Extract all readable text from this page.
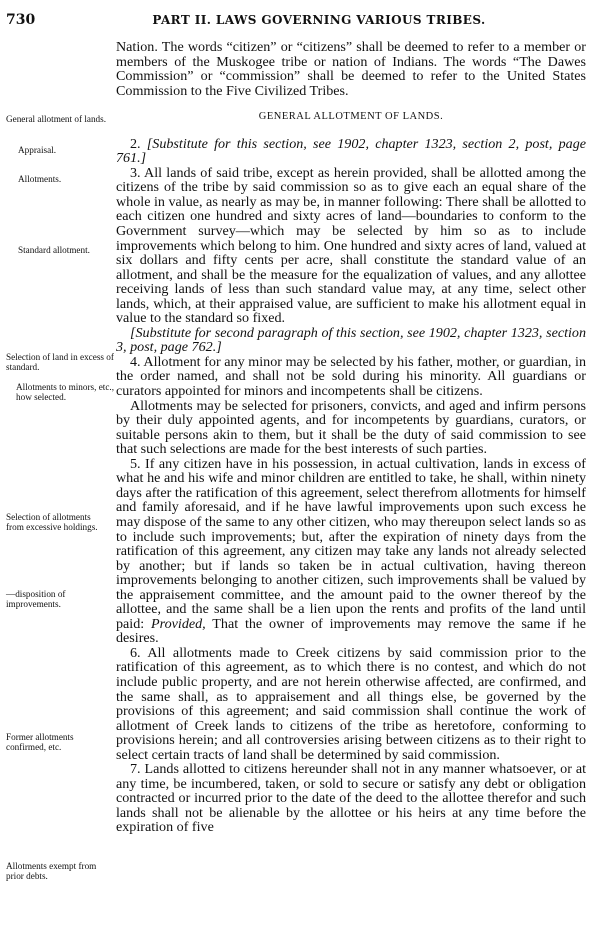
730	PART II. LAWS GOVERNING VARIOUS TRIBES.
General allotment of lands.
Appraisal.
Allotments.
Standard allotment.
Selection of land in excess of standard.
Allotments to minors, etc., how selected.
Selection of allotments from excessive holdings.
—disposition of improvements.
Former allotments confirmed, etc.
Allotments exempt from prior debts.

Nation. The words “citizen” or “citizens” shall be deemed to refer to a member or members of the Muskogee tribe or nation of Indians. The words “The Dawes Commission” or “commission” shall be deemed to refer to the United States Commission to the Five Civilized Tribes.

GENERAL ALLOTMENT OF LANDS.

2. [Substitute for this section, see 1902, chapter 1323, section 2, post, page 761.]

3. All lands of said tribe, except as herein provided, shall be allotted among the citizens of the tribe by said commission so as to give each an equal share of the whole in value, as nearly as may be, in manner following: There shall be allotted to each citizen one hundred and sixty acres of land—boundaries to conform to the Government survey—which may be selected by him so as to include improvements which belong to him. One hundred and sixty acres of land, valued at six dollars and fifty cents per acre, shall constitute the standard value of an allotment, and shall be the measure for the equalization of values, and any allottee receiving lands of less than such standard value may, at any time, select other lands, which, at their appraised value, are sufficient to make his allotment equal in value to the standard so fixed.

[Substitute for second paragraph of this section, see 1902, chapter 1323, section 3, post, page 762.]

4. Allotment for any minor may be selected by his father, mother, or guardian, in the order named, and shall not be sold during his minority. All guardians or curators appointed for minors and incompetents shall be citizens.

Allotments may be selected for prisoners, convicts, and aged and infirm persons by their duly appointed agents, and for incompetents by guardians, curators, or suitable persons akin to them, but it shall be the duty of said commission to see that such selections are made for the best interests of such parties.

5. If any citizen have in his possession, in actual cultivation, lands in excess of what he and his wife and minor children are entitled to take, he shall, within ninety days after the ratification of this agreement, select therefrom allotments for himself and family aforesaid, and if he have lawful improvements upon such excess he may dispose of the same to any other citizen, who may thereupon select lands so as to include such improvements; but, after the expiration of ninety days from the ratification of this agreement, any citizen may take any lands not already selected by another; but if lands so taken be in actual cultivation, having thereon improvements belonging to another citizen, such improvements shall be valued by the appraisement committee, and the amount paid to the owner thereof by the allottee, and the same shall be a lien upon the rents and profits of the land until paid: Provided, That the owner of improvements may remove the same if he desires.

6. All allotments made to Creek citizens by said commission prior to the ratification of this agreement, as to which there is no contest, and which do not include public property, and are not herein otherwise affected, are confirmed, and the same shall, as to appraisement and all things else, be governed by the provisions of this agreement; and said commission shall continue the work of allotment of Creek lands to citizens of the tribe as heretofore, conforming to provisions herein; and all controversies arising between citizens as to their right to select certain tracts of land shall be determined by said commission.

7. Lands allotted to citizens hereunder shall not in any manner whatsoever, or at any time, be incumbered, taken, or sold to secure or satisfy any debt or obligation contracted or incurred prior to the date of the deed to the allottee therefor and such lands shall not be alienable by the allottee or his heirs at any time before the expiration of five
